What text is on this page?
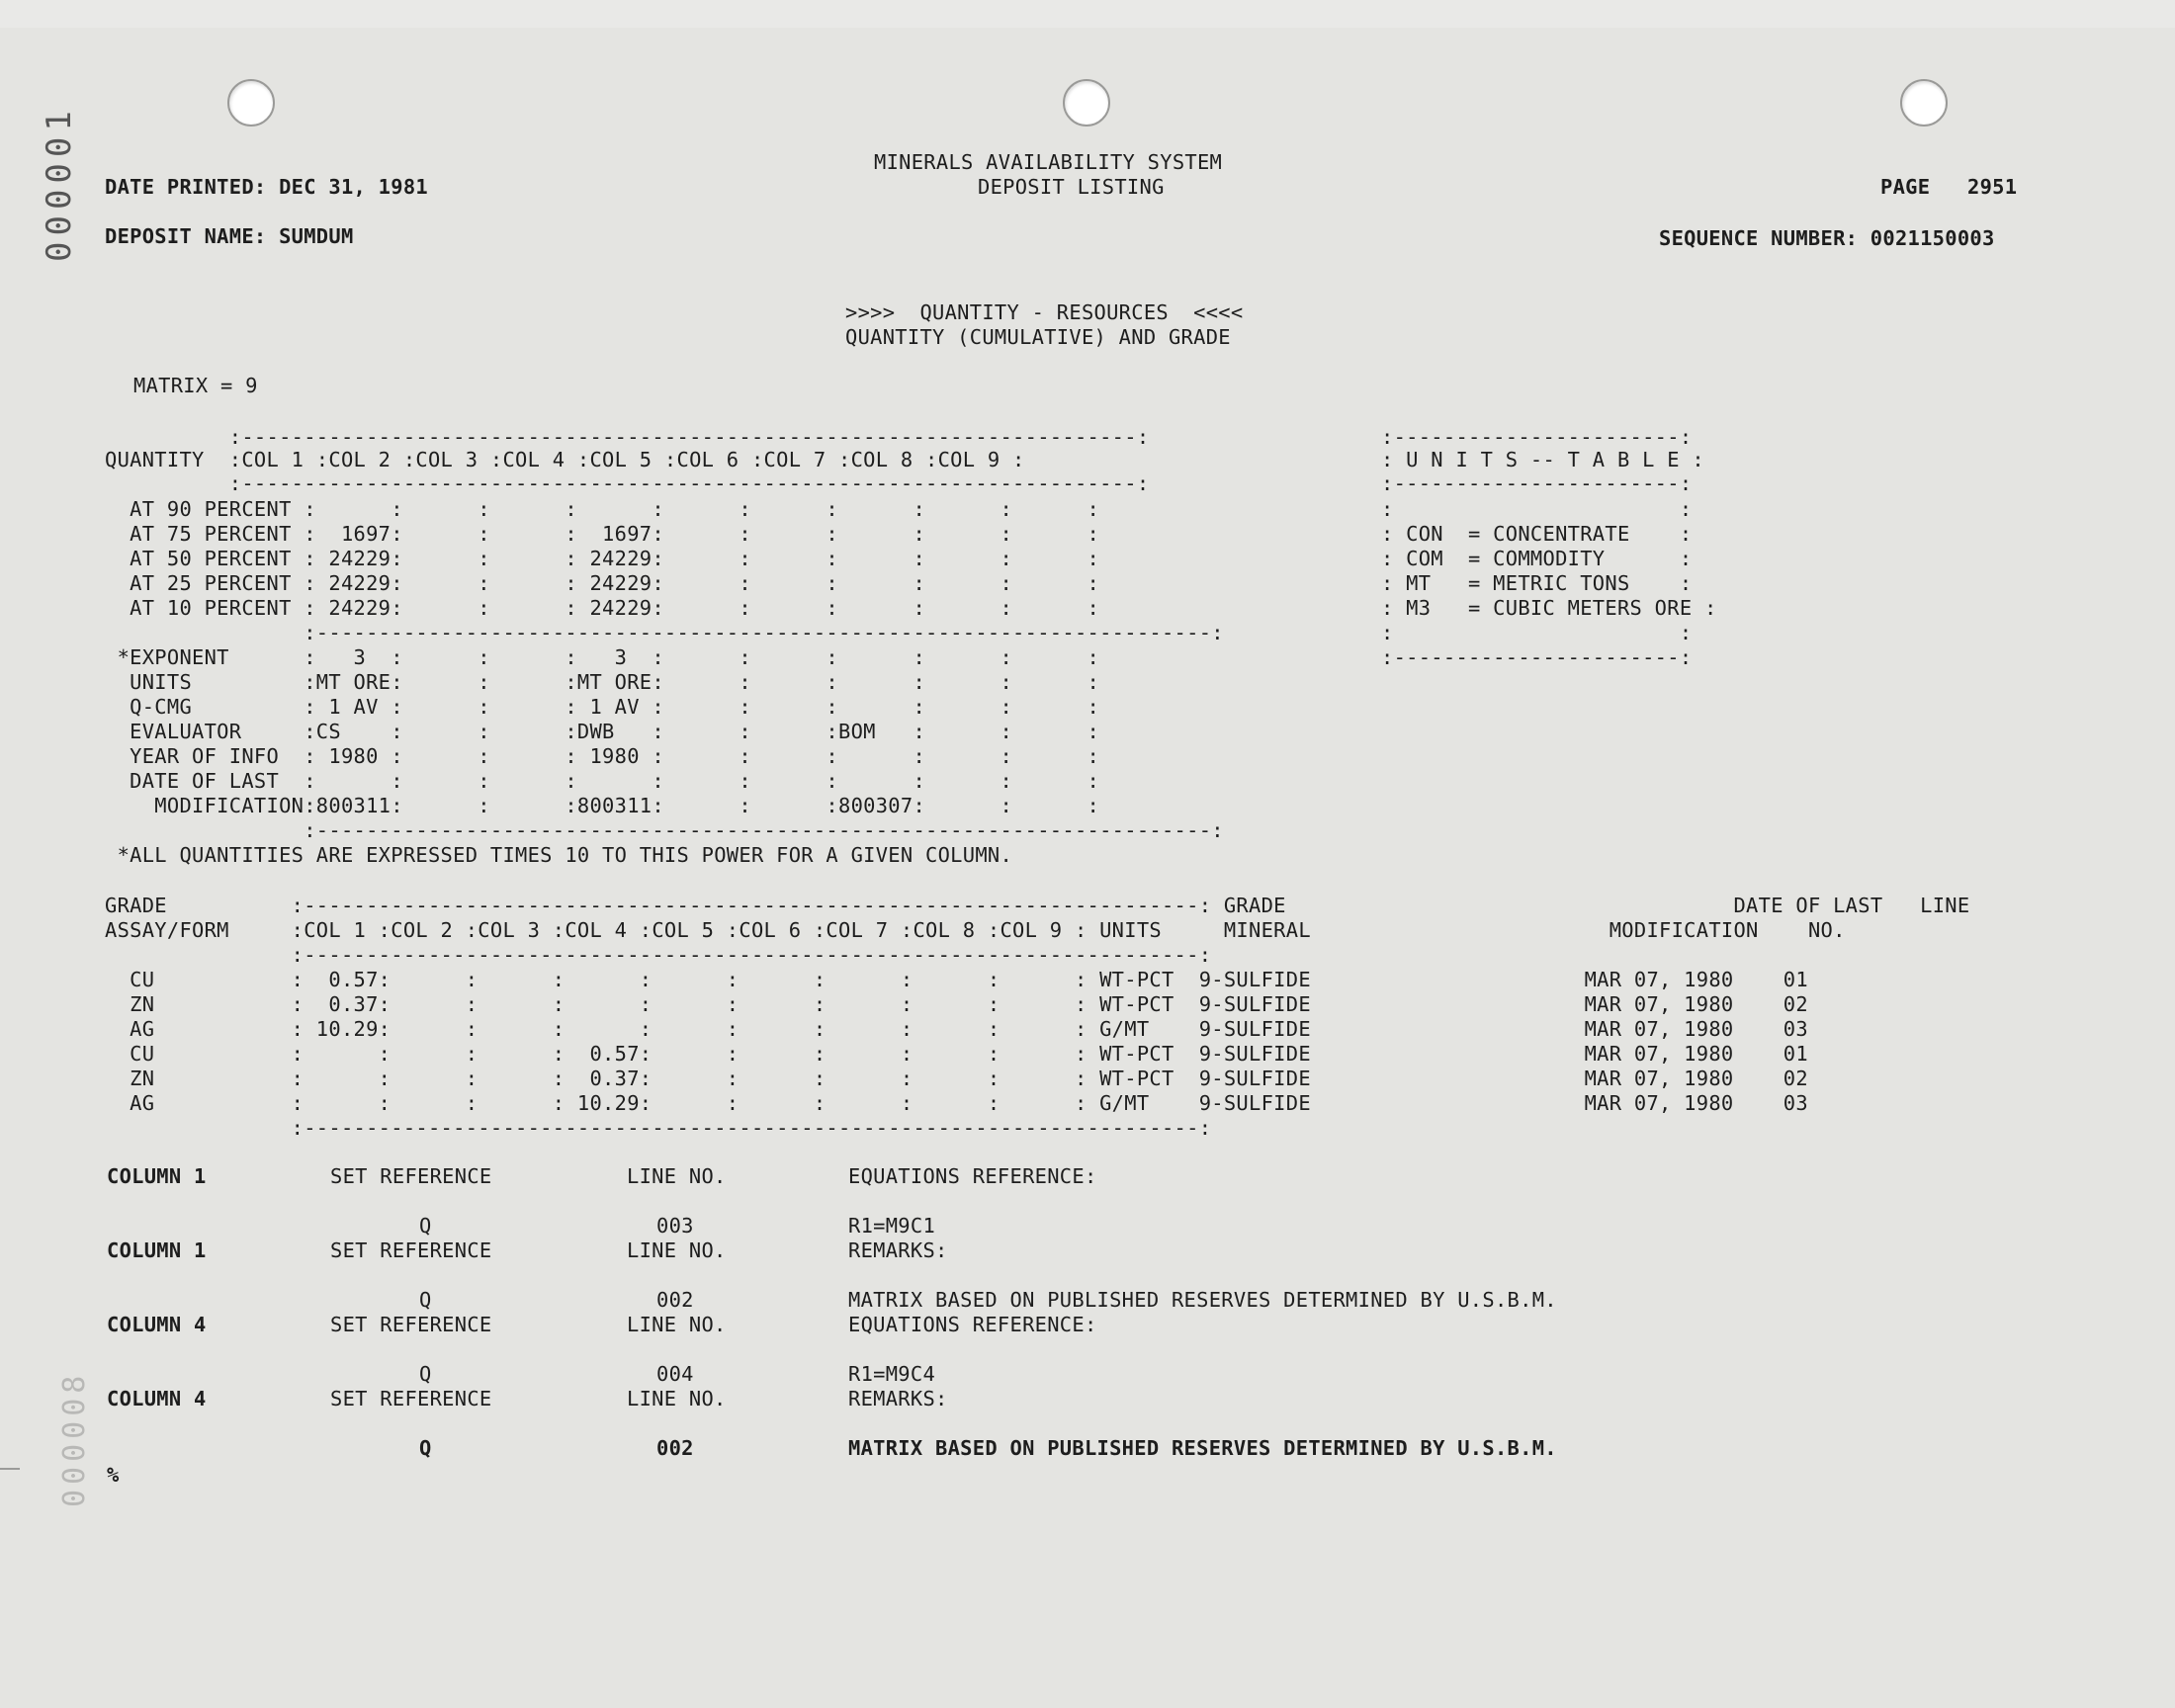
000001
000008
MINERALS AVAILABILITY SYSTEM
DEPOSIT LISTING
DATE PRINTED: DEC 31, 1981	PAGE   2951
DEPOSIT NAME: SUMDUM	SEQUENCE NUMBER: 0021150003
>>>>  QUANTITY - RESOURCES  <<<<
QUANTITY (CUMULATIVE) AND GRADE
MATRIX = 9
:------------------------------------------------------------------------:
QUANTITY  :COL 1 :COL 2 :COL 3 :COL 4 :COL 5 :COL 6 :COL 7 :COL 8 :COL 9 :
:------------------------------------------------------------------------:
AT 90 PERCENT :      :      :      :      :      :      :      :      :      :
AT 75 PERCENT :  1697:      :      :  1697:      :      :      :      :      :
AT 50 PERCENT : 24229:      :      : 24229:      :      :      :      :      :
AT 25 PERCENT : 24229:      :      : 24229:      :      :      :      :      :
AT 10 PERCENT : 24229:      :      : 24229:      :      :      :      :      :
:------------------------------------------------------------------------:
*EXPONENT      :   3  :      :      :   3  :      :      :      :      :      :
UNITS         :MT ORE:      :      :MT ORE:      :      :      :      :      :
Q-CMG         : 1 AV :      :      : 1 AV :      :      :      :      :      :
EVALUATOR     :CS    :      :      :DWB   :      :      :BOM   :      :      :
YEAR OF INFO  : 1980 :      :      : 1980 :      :      :      :      :      :
DATE OF LAST  :      :      :      :      :      :      :      :      :      :
MODIFICATION:800311:      :      :800311:      :      :800307:      :      :
:------------------------------------------------------------------------:
*ALL QUANTITIES ARE EXPRESSED TIMES 10 TO THIS POWER FOR A GIVEN COLUMN.
:-----------------------:
: U N I T S -- T A B L E :
:-----------------------:
:                       :
: CON  = CONCENTRATE    :
: COM  = COMMODITY      :
: MT   = METRIC TONS    :
: M3   = CUBIC METERS ORE :
:                       :
:-----------------------:
GRADE          :------------------------------------------------------------------------: GRADE                                    DATE OF LAST   LINE
ASSAY/FORM     :COL 1 :COL 2 :COL 3 :COL 4 :COL 5 :COL 6 :COL 7 :COL 8 :COL 9 : UNITS     MINERAL                        MODIFICATION    NO.
:------------------------------------------------------------------------:
CU           :  0.57:      :      :      :      :      :      :      :      : WT-PCT  9-SULFIDE                      MAR 07, 1980    01
ZN           :  0.37:      :      :      :      :      :      :      :      : WT-PCT  9-SULFIDE                      MAR 07, 1980    02
AG           : 10.29:      :      :      :      :      :      :      :      : G/MT    9-SULFIDE                      MAR 07, 1980    03
CU           :      :      :      :  0.57:      :      :      :      :      : WT-PCT  9-SULFIDE                      MAR 07, 1980    01
ZN           :      :      :      :  0.37:      :      :      :      :      : WT-PCT  9-SULFIDE                      MAR 07, 1980    02
AG           :      :      :      : 10.29:      :      :      :      :      : G/MT    9-SULFIDE                      MAR 07, 1980    03
:------------------------------------------------------------------------:
COLUMN 1	SET REFERENCE	LINE NO.	EQUATIONS REFERENCE:
Q	003	R1=M9C1
COLUMN 1	SET REFERENCE	LINE NO.	REMARKS:
Q	002	MATRIX BASED ON PUBLISHED RESERVES DETERMINED BY U.S.B.M.
COLUMN 4	SET REFERENCE	LINE NO.	EQUATIONS REFERENCE:
Q	004	R1=M9C4
COLUMN 4	SET REFERENCE	LINE NO.	REMARKS:
Q	002	MATRIX BASED ON PUBLISHED RESERVES DETERMINED BY U.S.B.M.
%
